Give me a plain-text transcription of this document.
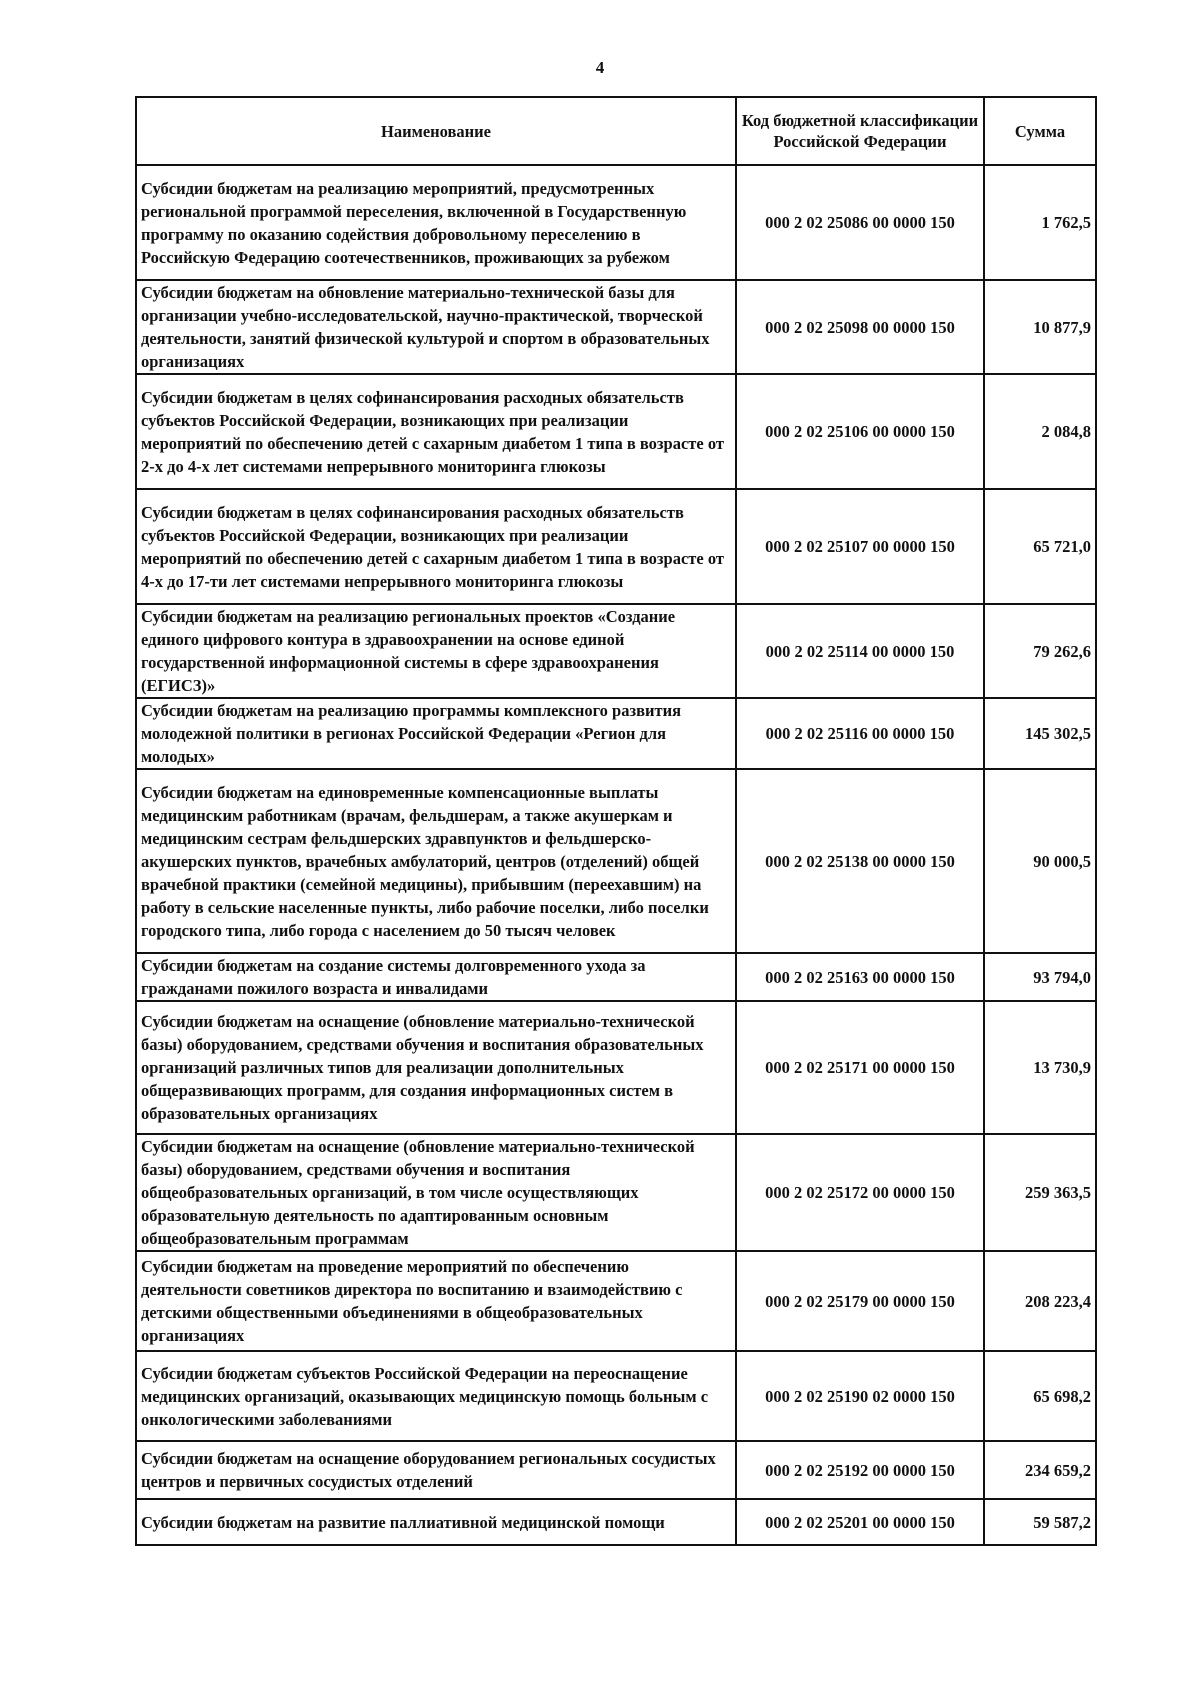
4
Наименование	Код бюджетной классификации Российской Федерации	Сумма
Субсидии бюджетам на реализацию мероприятий, предусмотренных региональной программой переселения, включенной в Государственную программу по оказанию содействия добровольному переселению в Российскую Федерацию соотечественников, проживающих за рубежом	000 2 02 25086 00 0000 150	1 762,5
Субсидии бюджетам на обновление материально-технической базы для организации учебно-исследовательской, научно-практической, творческой деятельности, занятий физической культурой и спортом в образовательных организациях	000 2 02 25098 00 0000 150	10 877,9
Субсидии бюджетам в целях софинансирования расходных обязательств субъектов Российской Федерации, возникающих при реализации мероприятий по обеспечению детей с сахарным диабетом 1 типа в возрасте от 2-х до 4-х лет системами непрерывного мониторинга глюкозы	000 2 02 25106 00 0000 150	2 084,8
Субсидии бюджетам в целях софинансирования расходных обязательств субъектов Российской Федерации, возникающих при реализации мероприятий по обеспечению детей с сахарным диабетом 1 типа в возрасте от 4-х до 17-ти лет системами непрерывного мониторинга глюкозы	000 2 02 25107 00 0000 150	65 721,0
Субсидии бюджетам на реализацию региональных проектов «Создание единого цифрового контура в здравоохранении на основе единой государственной информационной системы в сфере здравоохранения (ЕГИСЗ)»	000 2 02 25114 00 0000 150	79 262,6
Субсидии бюджетам на реализацию программы комплексного развития молодежной политики в регионах Российской Федерации «Регион для молодых»	000 2 02 25116 00 0000 150	145 302,5
Субсидии бюджетам на единовременные компенсационные выплаты медицинским работникам (врачам, фельдшерам, а также акушеркам и медицинским сестрам фельдшерских здравпунктов и фельдшерско-акушерских пунктов, врачебных амбулаторий, центров (отделений) общей врачебной практики (семейной медицины), прибывшим (переехавшим) на работу в сельские населенные пункты, либо рабочие поселки, либо поселки городского типа, либо города с населением до 50 тысяч человек	000 2 02 25138 00 0000 150	90 000,5
Субсидии бюджетам на создание системы долговременного ухода за гражданами пожилого возраста и инвалидами	000 2 02 25163 00 0000 150	93 794,0
Субсидии бюджетам на оснащение (обновление материально-технической базы) оборудованием, средствами обучения и воспитания образовательных организаций различных типов для реализации дополнительных общеразвивающих программ, для создания информационных систем в образовательных организациях	000 2 02 25171 00 0000 150	13 730,9
Субсидии бюджетам на оснащение (обновление материально-технической базы) оборудованием, средствами обучения и воспитания общеобразовательных организаций, в том числе осуществляющих образовательную деятельность по адаптированным основным общеобразовательным программам	000 2 02 25172 00 0000 150	259 363,5
Субсидии бюджетам на проведение мероприятий по обеспечению деятельности советников директора по воспитанию и взаимодействию с детскими общественными объединениями в общеобразовательных организациях	000 2 02 25179 00 0000 150	208 223,4
Субсидии бюджетам субъектов Российской Федерации на переоснащение медицинских организаций, оказывающих медицинскую помощь больным с онкологическими заболеваниями	000 2 02 25190 02 0000 150	65 698,2
Субсидии бюджетам на оснащение оборудованием региональных сосудистых центров и первичных сосудистых отделений	000 2 02 25192 00 0000 150	234 659,2
Субсидии бюджетам на развитие паллиативной медицинской помощи	000 2 02 25201 00 0000 150	59 587,2
